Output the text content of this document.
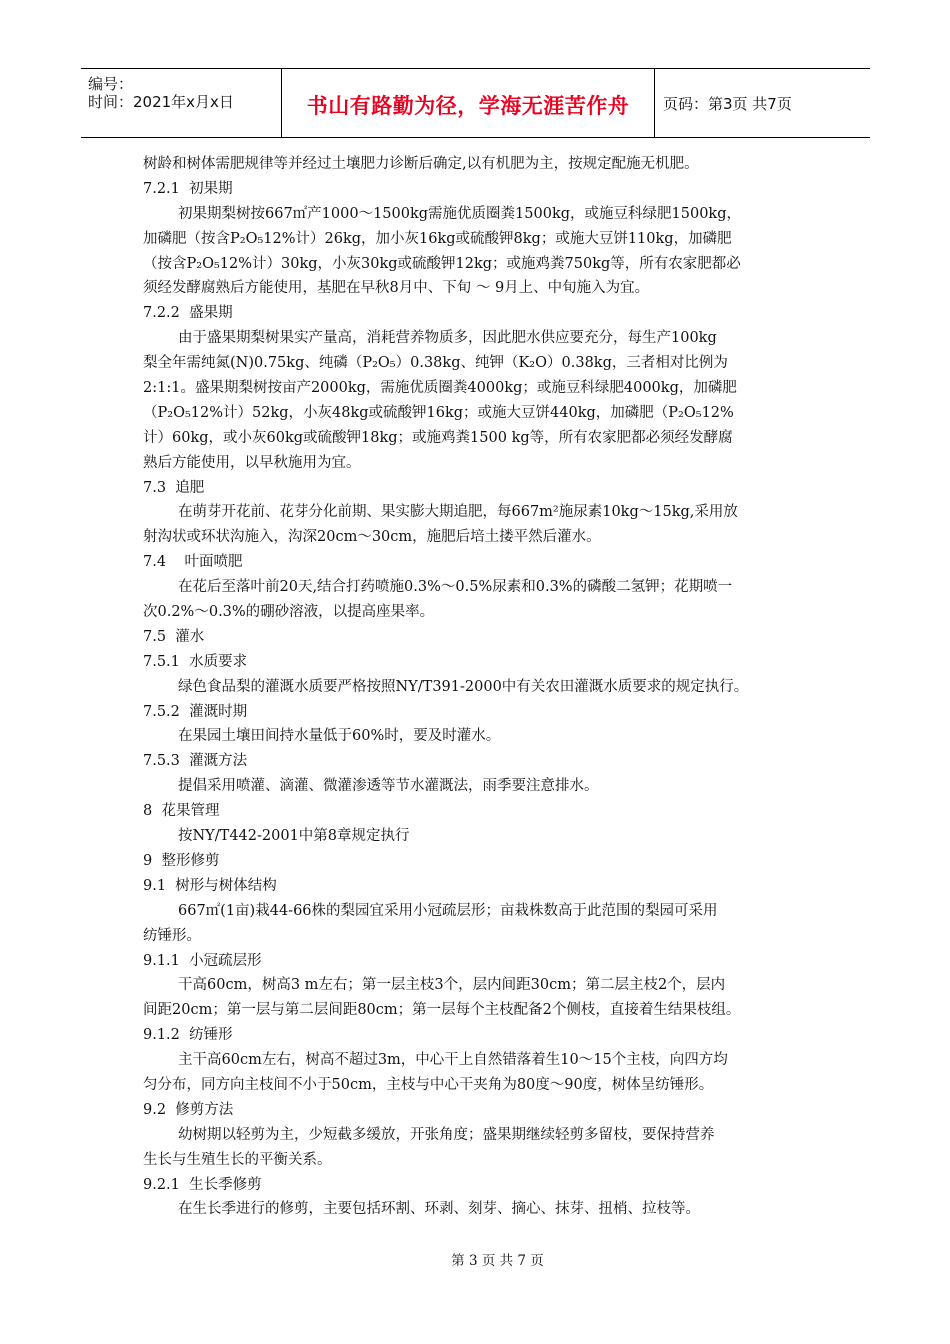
编号：
时间：2021年x月x日	书山有路勤为径，学海无涯苦作舟	页码：第3页 共7页
树龄和树体需肥规律等并经过土壤肥力诊断后确定,以有机肥为主，按规定配施无机肥。
7.2.1  初果期
初果期梨树按667㎡产1000～1500kg需施优质圈粪1500kg，或施豆科绿肥1500kg，
加磷肥（按含P₂O₅12%计）26kg，加小灰16kg或硫酸钾8kg；或施大豆饼110kg，加磷肥
（按含P₂O₅12%计）30kg，小灰30kg或硫酸钾12kg；或施鸡粪750kg等，所有农家肥都必
须经发酵腐熟后方能使用，基肥在早秋8月中、下旬 ～ 9月上、中旬施入为宜。
7.2.2  盛果期
由于盛果期梨树果实产量高，消耗营养物质多，因此肥水供应要充分，每生产100kg
梨全年需纯氮(N)0.75kg、纯磷（P₂O₅）0.38kg、纯钾（K₂O）0.38kg，三者相对比例为
2:1:1。盛果期梨树按亩产2000kg，需施优质圈粪4000kg；或施豆科绿肥4000kg，加磷肥
（P₂O₅12%计）52kg，小灰48kg或硫酸钾16kg；或施大豆饼440kg，加磷肥（P₂O₅12%
计）60kg，或小灰60kg或硫酸钾18kg；或施鸡粪1500 kg等，所有农家肥都必须经发酵腐
熟后方能使用，以早秋施用为宜。
7.3  追肥
在萌芽开花前、花芽分化前期、果实膨大期追肥，每667m²施尿素10kg～15kg,采用放
射沟状或环状沟施入，沟深20cm～30cm，施肥后培土搂平然后灌水。
7.4    叶面喷肥
在花后至落叶前20天,结合打药喷施0.3%～0.5%尿素和0.3%的磷酸二氢钾；花期喷一
次0.2%～0.3%的硼砂溶液，以提高座果率。
7.5  灌水
7.5.1  水质要求
绿色食品梨的灌溉水质要严格按照NY/T391-2000中有关农田灌溉水质要求的规定执行。
7.5.2  灌溉时期
在果园土壤田间持水量低于60%时，要及时灌水。
7.5.3  灌溉方法
提倡采用喷灌、滴灌、微灌渗透等节水灌溉法，雨季要注意排水。
8  花果管理
按NY/T442-2001中第8章规定执行
9  整形修剪
9.1  树形与树体结构
667㎡(1亩)栽44-66株的梨园宜采用小冠疏层形；亩栽株数高于此范围的梨园可采用
纺锤形。
9.1.1  小冠疏层形
干高60cm，树高3 m左右；第一层主枝3个，层内间距30cm；第二层主枝2个，层内
间距20cm；第一层与第二层间距80cm；第一层每个主枝配备2个侧枝，直接着生结果枝组。
9.1.2  纺锤形
主干高60cm左右，树高不超过3m，中心干上自然错落着生10～15个主枝，向四方均
匀分布，同方向主枝间不小于50cm，主枝与中心干夹角为80度～90度，树体呈纺锤形。
9.2  修剪方法
幼树期以轻剪为主，少短截多缓放，开张角度；盛果期继续轻剪多留枝，要保持营养
生长与生殖生长的平衡关系。
9.2.1  生长季修剪
在生长季进行的修剪，主要包括环割、环剥、刻芽、摘心、抹芽、扭梢、拉枝等。
第 3 页 共 7 页
